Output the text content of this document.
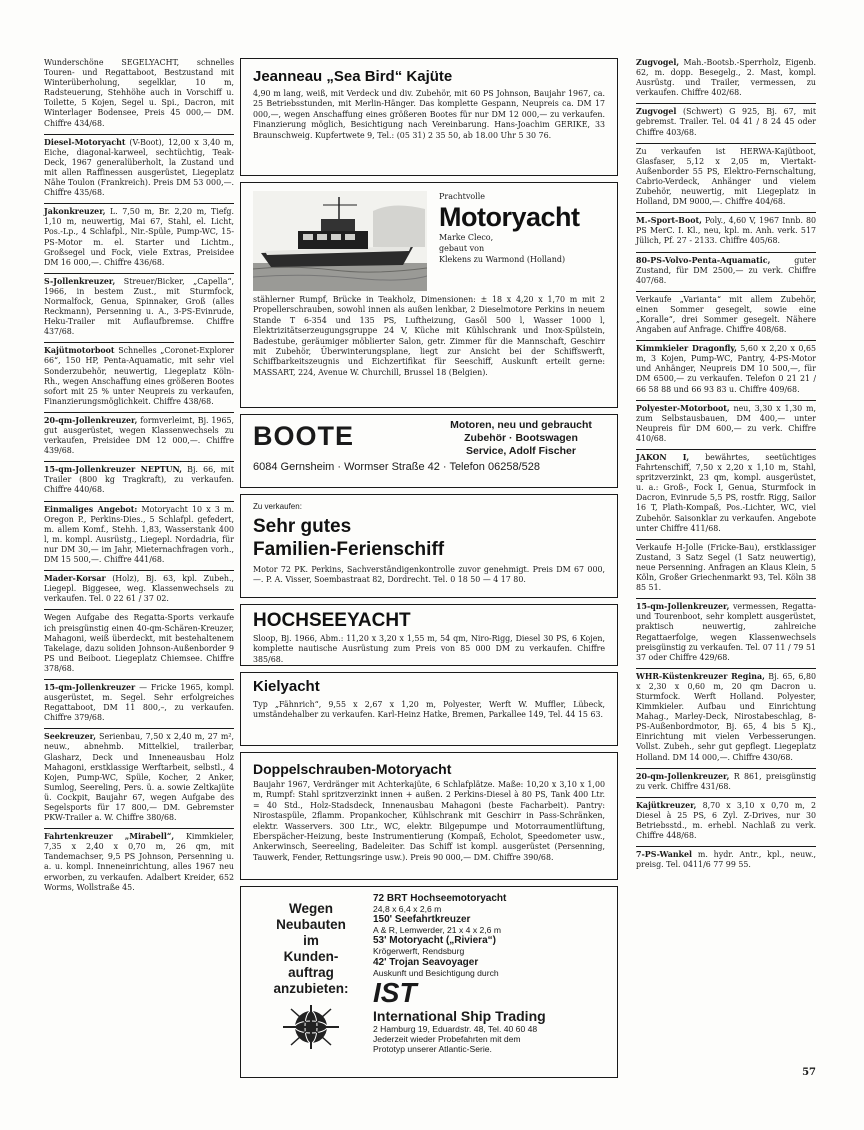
Wunderschöne SEGELYACHT, schnelles Touren- und Regattaboot, Bestzustand mit Winterüberholung, segelklar, 10 m, Radsteuerung, Stehhöhe auch in Vorschiff u. Toilette, 5 Kojen, Segel u. Spi., Dacron, mit Winterlager Bodensee, Preis 45 000,— DM. Chiffre 434/68.
Diesel-Motoryacht (V-Boot), 12,00 x 3,40 m, Eiche, diagonal-karweel, sechtüchtig, Teak-Deck, 1967 generalüberholt, la Zustand und mit allen Raffinessen ausgerüstet, Liegeplatz Nähe Toulon (Frankreich). Preis DM 53 000,—. Chiffre 435/68.
Jakonkreuzer, L. 7,50 m, Br. 2,20 m, Tiefg. 1,10 m, neuwertig, Mai 67, Stahl, el. Licht, Pos.-Lp., 4 Schlafpl., Nir.-Spüle, Pump-WC, 15-PS-Motor m. el. Starter und Lichtm., Großsegel und Fock, viele Extras, Preisidee DM 16 000,—. Chiffre 436/68.
S-Jollenkreuzer, Streuer/Bicker, „Capella“, 1966, in bestem Zust., mit Sturmfock, Normalfock, Genua, Spinnaker, Groß (alles Reckmann), Persenning u. A., 3-PS-Evinrude, Heku-Trailer mit Auflaufbremse. Chiffre 437/68.
Kajütmotorboot Schnelles „Coronet-Explorer 66“, 150 HP, Penta-Aquamatic, mit sehr viel Sonderzubehör, neuwertig, Liegeplatz Köln-Rh., wegen Anschaffung eines größeren Bootes sofort mit 25 % unter Neupreis zu verkaufen, Finanzierungsmöglichkeit. Chiffre 438/68.
20-qm-Jollenkreuzer, formverleimt, Bj. 1965, gut ausgerüstet, wegen Klassenwechsels zu verkaufen, Preisidee DM 12 000,—. Chiffre 439/68.
15-qm-Jollenkreuzer NEPTUN, Bj. 66, mit Trailer (800 kg Tragkraft), zu verkaufen. Chiffre 440/68.
Einmaliges Angebot: Motoryacht 10 x 3 m. Oregon P., Perkins-Dies., 5 Schlafpl. gefedert, m. allem Komf., Stehh. 1,83, Wasserstank 400 l, m. kompl. Ausrüstg., Liegepl. Nordadria, für nur DM 30,— im Jahr, Mieternachfragen vorh., DM 15 500,—. Chiffre 441/68.
Mader-Korsar (Holz), Bj. 63, kpl. Zubeh., Liegepl. Biggesee, weg. Klassenwechsels zu verkaufen. Tel. 0 22 61 / 37 02.
Wegen Aufgabe des Regatta-Sports verkaufe ich preisgünstig einen 40-qm-Schären-Kreuzer, Mahagoni, weiß überdeckt, mit bestehaltenem Takelage, dazu soliden Johnson-Außenborder 9 PS und Beiboot. Liegeplatz Chiemsee. Chiffre 378/68.
15-qm-Jollenkreuzer — Fricke 1965, kompl. ausgerüstet, m. Segel. Sehr erfolgreiches Regattaboot, DM 11 800,–, zu verkaufen. Chiffre 379/68.
Seekreuzer, Serienbau, 7,50 x 2,40 m, 27 m², neuw., abnehmb. Mittelkiel, trailerbar, Glasharz, Deck und Inneneausbau Holz Mahagoni, erstklassige Werftarbeit, selbstl., 4 Kojen, Pump-WC, Spüle, Kocher, 2 Anker, Sumlog, Seereling, Pers. ü. a. sowie Zeltkajüte ü. Cockpit, Baujahr 67, wegen Aufgabe des Segelsports für 17 800,— DM. Gebremster PKW-Trailer a. W. Chiffre 380/68.
Fahrtenkreuzer „Mirabell“, Kimmkieler, 7,35 x 2,40 x 0,70 m, 26 qm, mit Tandemachser, 9,5 PS Johnson, Persenning u. a. u. kompl. Inneneinrichtung, alles 1967 neu erworben, zu verkaufen. Adalbert Kreider, 652 Worms, Wollstraße 45.
Jeanneau „Sea Bird“ Kajüte
4,90 m lang, weiß, mit Verdeck und div. Zubehör, mit 60 PS Johnson, Baujahr 1967, ca. 25 Betriebsstunden, mit Merlin-Hänger. Das komplette Gespann, Neupreis ca. DM 17 000,—, wegen Anschaffung eines größeren Bootes für nur DM 12 000,— zu verkaufen. Finanzierung möglich, Besichtigung nach Vereinbarung. Hans-Joachim GERIKE, 33 Braunschweig. Kupfertwete 9, Tel.: (05 31) 2 35 50, ab 18.00 Uhr 5 30 76.
Prachtvolle
Motoryacht
Marke Cleco,
gebaut von
Klekens zu Warmond (Holland)
stählerner Rumpf, Brücke in Teakholz, Dimensionen: ± 18 x 4,20 x 1,70 m mit 2 Propellerschrauben, sowohl innen als außen lenkbar, 2 Dieselmotore Perkins in neuem Stande T 6-354 und 135 PS, Luftheizung, Gasöl 500 l, Wasser 1000 l, Elektrizitätserzeugungsgruppe 24 V, Küche mit Kühlschrank und Inox-Spülstein, Badestube, geräumiger möblierter Salon, getr. Zimmer für die Mannschaft, Geschirr mit Zubehör, Überwinterungsplane, liegt zur Ansicht bei der Schiffswerft, Schiffbarkeitszeugnis und Eichzertifikat für Seeschiff, Auskunft erteilt gerne: MASSART, 224, Avenue W. Churchill, Brussel 18 (Belgien).
BOOTE	Motoren, neu und gebraucht
Zubehör · Bootswagen
Service, Adolf Fischer
6084 Gernsheim · Wormser Straße 42 · Telefon 06258/528
Zu verkaufen:
Sehr gutes
Familien-Ferienschiff
Motor 72 PK. Perkins, Sachverständigenkontrolle zuvor genehmigt. Preis DM 67 000,—. P. A. Visser, Soembastraat 82, Dordrecht. Tel. 0 18 50 — 4 17 80.
HOCHSEEYACHT
Sloop, Bj. 1966, Abm.: 11,20 x 3,20 x 1,55 m, 54 qm, Niro-Rigg, Diesel 30 PS, 6 Kojen, komplette nautische Ausrüstung zum Preis von 85 000 DM zu verkaufen. Chiffre 385/68.
Kielyacht
Typ „Fähnrich“, 9,55 x 2,67 x 1,20 m, Polyester, Werft W. Muffler, Lübeck, umständehalber zu verkaufen. Karl-Heinz Hatke, Bremen, Parkallee 149, Tel. 44 15 63.
Doppelschrauben-Motoryacht
Baujahr 1967, Verdränger mit Achterkajüte, 6 Schlafplätze. Maße: 10,20 x 3,10 x 1,00 m, Rumpf: Stahl spritzverzinkt innen + außen. 2 Perkins-Diesel à 80 PS, Tank 400 Ltr. = 40 Std., Holz-Stadsdeck, Innenausbau Mahagoni (beste Facharbeit). Pantry: Nirostaspüle, 2flamm. Propankocher, Kühlschrank mit Geschirr in Pass-Schränken, elektr. Wasservers. 300 Ltr., WC, elektr. Bilgepumpe und Motorraumentlüftung, Eberspächer-Heizung, beste Instrumentierung (Kompaß, Echolot, Speedometer usw., Ankerwinsch, Seereeling, Badeleiter. Das Schiff ist kompl. ausgerüstet (Persenning, Tauwerk, Fender, Rettungsringe usw.). Preis 90 000,— DM. Chiffre 390/68.
Wegen
Neubauten
im
Kunden-
auftrag
anzubieten:
72 BRT Hochseemotoryacht
24,8 x 6,4 x 2,6 m
150' Seefahrtkreuzer
A & R, Lemwerder, 21 x 4 x 2,6 m
53' Motoryacht („Riviera“)
Krögerwerft, Rendsburg
42' Trojan Seavoyager
Auskunft und Besichtigung durch
IST
International Ship Trading
2 Hamburg 19, Eduardstr. 48, Tel. 40 60 48
Jederzeit wieder Probefahrten mit dem
Prototyp unserer Atlantic-Serie.
Zugvogel, Mah.-Bootsb.-Sperrholz, Eigenb. 62, m. dopp. Besegelg., 2. Mast, kompl. Ausrüstg. und Trailer, vermessen, zu verkaufen. Chiffre 402/68.
Zugvogel (Schwert) G 925, Bj. 67, mit gebremst. Trailer. Tel. 04 41 / 8 24 45 oder Chiffre 403/68.
Zu verkaufen ist HERWA-Kajütboot, Glasfaser, 5,12 x 2,05 m, Viertakt-Außenborder 55 PS, Elektro-Fernschaltung, Cabrio-Verdeck, Anhänger und vielem Zubehör, neuwertig, mit Liegeplatz in Holland, DM 9000,—. Chiffre 404/68.
M.-Sport-Boot, Poly., 4,60 V, 1967 Innb. 80 PS MerC. I. Kl., neu, kpl. m. Anh. verk. 517 Jülich, Pf. 27 - 2133. Chiffre 405/68.
80-PS-Volvo-Penta-Aquamatic,	guter Zustand, für DM 2500,— zu verk. Chiffre 407/68.
Verkaufe „Varianta“ mit allem Zubehör, einen Sommer gesegelt, sowie eine „Koralle“, drei Sommer gesegelt. Nähere Angaben auf Anfrage. Chiffre 408/68.
Kimmkieler Dragonfly, 5,60 x 2,20 x 0,65 m, 3 Kojen, Pump-WC, Pantry, 4-PS-Motor und Anhänger, Neupreis DM 10 500,—, für DM 6500,— zu verkaufen. Telefon 0 21 21 / 66 58 88 und 66 93 83 u. Chiffre 409/68.
Polyester-Motorboot, neu, 3,30 x 1,30 m, zum Selbstausbauen, DM 400,— unter Neupreis für DM 600,— zu verk. Chiffre 410/68.
JAKON I, bewährtes, seetüchtiges Fahrtenschiff, 7,50 x 2,20 x 1,10 m, Stahl, spritzverzinkt, 23 qm, kompl. ausgerüstet, u. a.: Groß-, Fock I, Genua, Sturmfock in Dacron, Evinrude 5,5 PS, rostfr. Rigg, Sailor 16 T, Plath-Kompaß, Pos.-Lichter, WC, viel Zubehör. Saisonklar zu verkaufen. Angebote unter Chiffre 411/68.
Verkaufe H-Jolle (Fricke-Bau), erstklassiger Zustand, 3 Satz Segel (1 Satz neuwertig), neue Persenning. Anfragen an Klaus Klein, 5 Köln, Großer Griechenmarkt 93, Tel. Köln 38 85 51.
15-qm-Jollenkreuzer, vermessen, Regatta- und Tourenboot, sehr komplett ausgerüstet, praktisch neuwertig, zahlreiche Regattaerfolge, wegen Klassenwechsels preisgünstig zu verkaufen. Tel. 07 11 / 79 51 37 oder Chiffre 429/68.
WHR-Küstenkreuzer Regina, Bj. 65, 6,80 x 2,30 x 0,60 m, 20 qm Dacron u. Sturmfock. Werft Holland. Polyester, Kimmkieler. Aufbau und Einrichtung Mahag., Marley-Deck, Nirostabeschlag, 8-PS-Außenbordmotor, Bj. 65, 4 bis 5 Kj., Einrichtung mit vielen Verbesserungen. Vollst. Zubeh., sehr gut gepflegt. Liegeplatz Holland. DM 14 000,—. Chiffre 430/68.
20-qm-Jollenkreuzer, R 861, preisgünstig zu verk. Chiffre 431/68.
Kajütkreuzer, 8,70 x 3,10 x 0,70 m, 2 Diesel à 25 PS, 6 Zyl. Z-Drives, nur 30 Betriebsstd., m. erhebl. Nachlaß zu verk. Chiffre 448/68.
7-PS-Wankel m. hydr. Antr., kpl., neuw., preisg. Tel. 0411/6 77 99 55.
57
